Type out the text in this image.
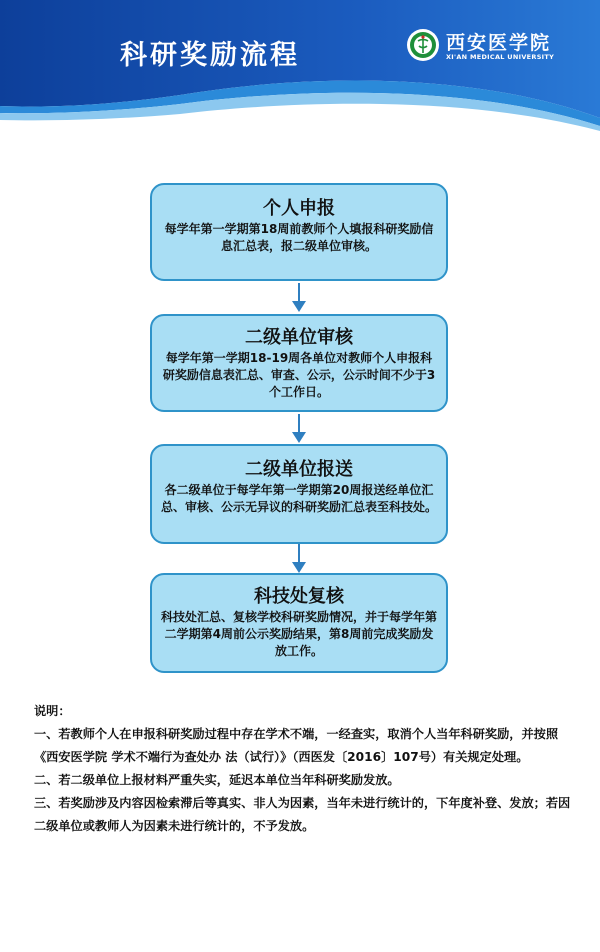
科研奖励流程	西安医学院
XI'AN MEDICAL UNIVERSITY
个人申报
每学年第一学期第18周前教师个人填报科研奖励信息汇总表，报二级单位审核。
二级单位审核
每学年第一学期18-19周各单位对教师个人申报科研奖励信息表汇总、审查、公示，公示时间不少于3个工作日。
二级单位报送
各二级单位于每学年第一学期第20周报送经单位汇总、审核、公示无异议的科研奖励汇总表至科技处。
科技处复核
科技处汇总、复核学校科研奖励情况，并于每学年第二学期第4周前公示奖励结果，第8周前完成奖励发放工作。

说明：

一、若教师个人在申报科研奖励过程中存在学术不端，一经查实，取消个人当年科研奖励，并按照《西安医学院 学术不端行为查处办 法（试行）》（西医发〔2016〕107号）有关规定处理。

二、若二级单位上报材料严重失实，延迟本单位当年科研奖励发放。

三、若奖励涉及内容因检索滞后等真实、非人为因素，当年未进行统计的，下年度补登、发放；若因二级单位或教师人为因素未进行统计的，不予发放。
